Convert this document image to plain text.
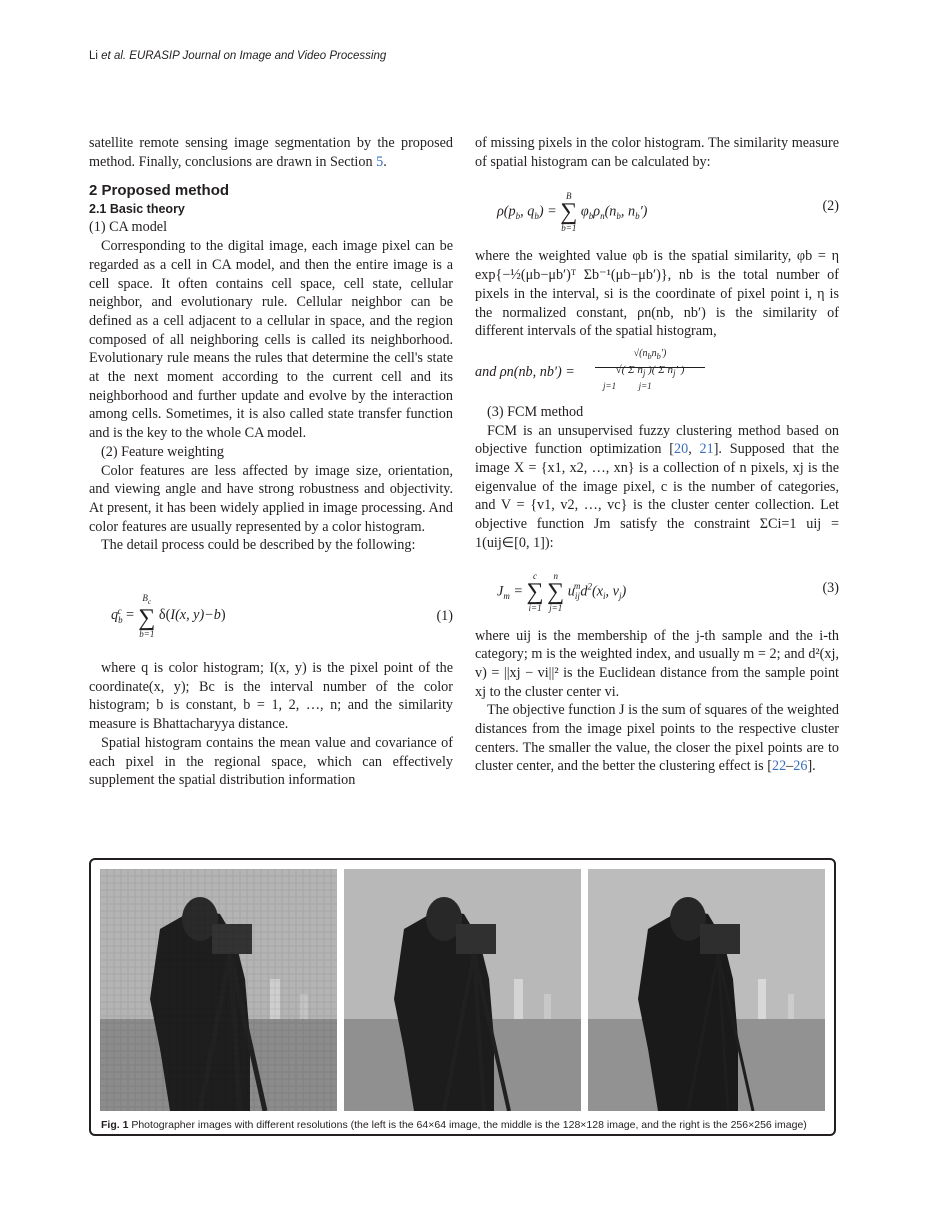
Li et al. EURASIP Journal on Image and Video Processing

satellite remote sensing image segmentation by the proposed method. Finally, conclusions are drawn in Section 5.

2 Proposed method
2.1 Basic theory

(1) CA model

Corresponding to the digital image, each image pixel can be regarded as a cell in CA model, and then the entire image is a cell space. It often contains cell space, cell state, cellular neighbor, and evolutionary rule. Cellular neighbor can be defined as a cell adjacent to a cellular in space, and the region composed of all neighboring cells is called its neighborhood. Evolutionary rule means the rules that determine the cell's state at the next moment according to the current cell and its neighborhood and further update and evolve by the interaction among cells. Sometimes, it is also called state transfer function and is the key to the whole CA model.

(2) Feature weighting

Color features are less affected by image size, orientation, and viewing angle and have strong robustness and objectivity. At present, it has been widely applied in image processing. And color features are usually represented by a color histogram.

The detail process could be described by the following:

$q_b^c$ =
$B_c$
∑
b=1
δ(I(x, y)−b)	(1)

where q is color histogram; I(x, y) is the pixel point of the coordinate(x, y); Bc is the interval number of the color histogram; b is constant, b = 1, 2, …, n; and the similarity measure is Bhattacharyya distance.

Spatial histogram contains the mean value and covariance of each pixel in the regional space, which can effectively supplement the spatial distribution information

of missing pixels in the color histogram. The similarity measure of spatial histogram can be calculated by:

$\rho(p_b$, $q_b$) =
B
∑
b=1
$\varphi_b\rho_n(n_b$, $n_b'$)	(2)

where the weighted value φb is the spatial similarity, φb = η exp{−½(μb−μb′)ᵀ Σb⁻¹(μb−μb′)}, nb is the total number of pixels in the interval, si is the coordinate of pixel point i, η is the normalized constant, ρn(nb, nb′) is the similarity of different intervals of the spatial histogram,

and ρn(nb, nb′) =
$√(n_bn_b')$
√( Σ $n_j$ )( Σ $n_j'$ )
j=1          j=1

(3) FCM method

FCM is an unsupervised fuzzy clustering method based on objective function optimization [20, 21]. Supposed that the image X = {x1, x2, …, xn} is a collection of n pixels, xj is the eigenvalue of the image pixel, c is the number of categories, and V = {v1, v2, …, vc} is the cluster center collection. Let objective function Jm satisfy the constraint ΣCi=1 uij = 1(uij∈[0, 1]):

$J_m$ =
c
∑
i=1

n
∑
j=1
$u_{ij}^md^2(x_i$, $v_j$)	(3)

where uij is the membership of the j-th sample and the i-th category; m is the weighted index, and usually m = 2; and d²(xj, v) = ||xj − vi||² is the Euclidean distance from the sample point xj to the cluster center vi.

The objective function J is the sum of squares of the weighted distances from the image pixel points to the respective cluster centers. The smaller the value, the closer the pixel points are to cluster center, and the better the clustering effect is [22–26].

Fig. 1 Photographer images with different resolutions (the left is the 64×64 image, the middle is the 128×128 image, and the right is the 256×256 image)
